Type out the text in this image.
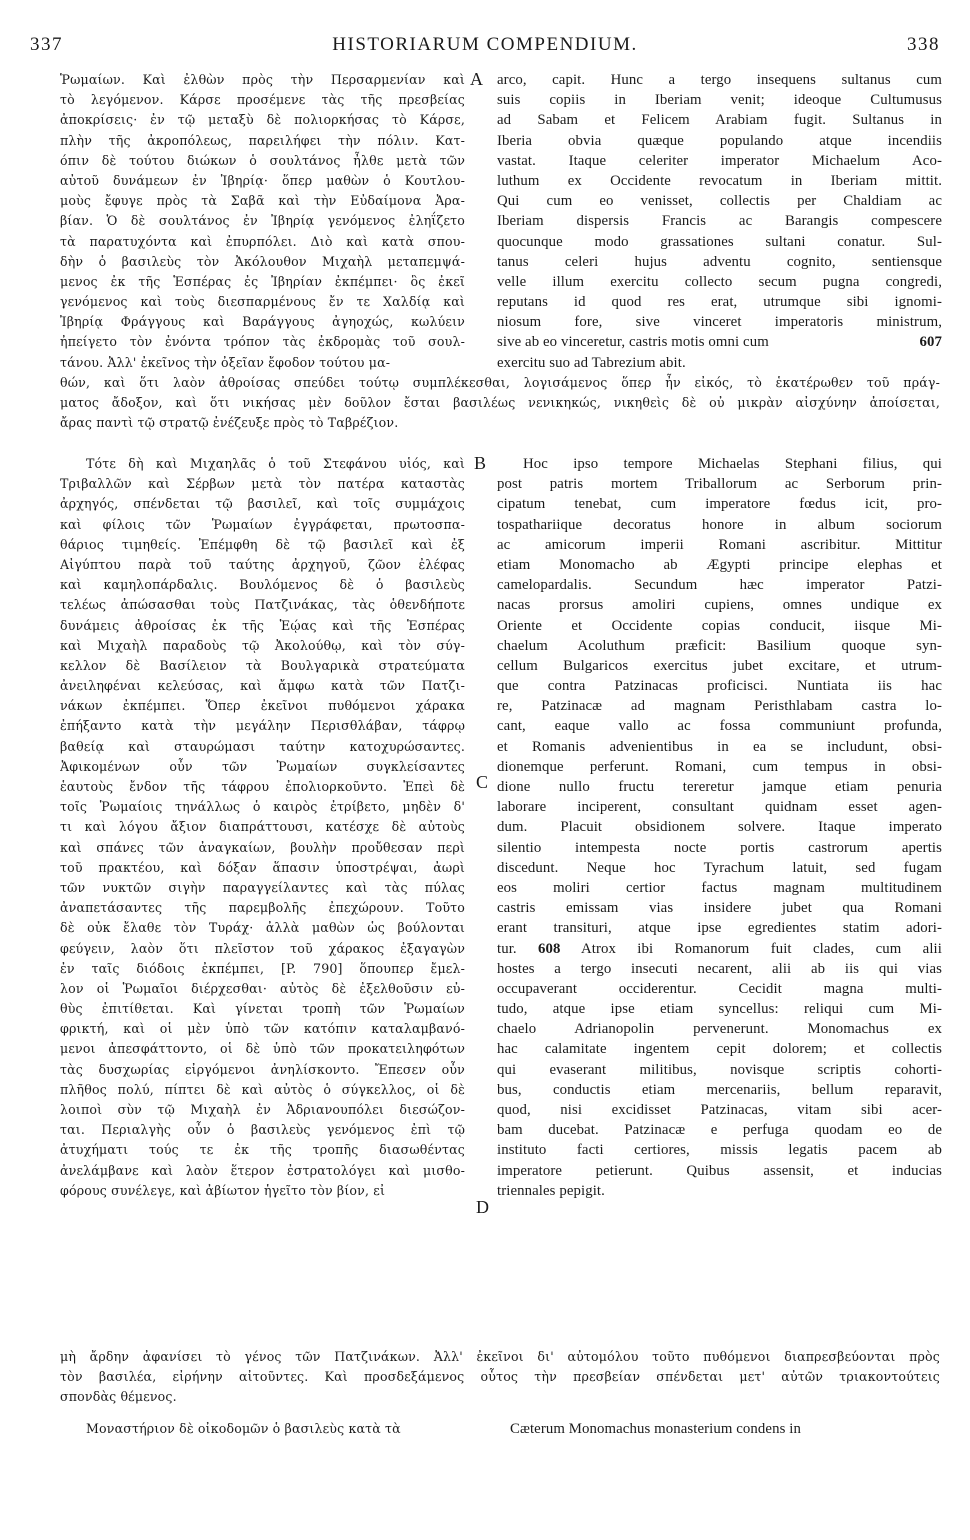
337	HISTORIARUM COMPENDIUM.	338
Ῥωμαίων. Καὶ ἐλθὼν πρὸς τὴν Περσαρμενίαν καὶ
τὸ λεγόμενον. Κάρσε προσέμενε τὰς τῆς πρεσβείας
ἀποκρίσεις· ἐν τῷ μεταξὺ δὲ πολιορκήσας τὸ Κάρσε,
πλὴν τῆς ἀκροπόλεως, παρειλήφει τὴν πόλιν. Κατ-
όπιν δὲ τούτου διώκων ὁ σουλτάνος ἦλθε μετὰ τῶν
αὐτοῦ δυνάμεων ἐν Ἰβηρίᾳ· ὅπερ μαθὼν ὁ Κουτλου-
μοὺς ἔφυγε πρὸς τὰ Σαβᾶ καὶ τὴν Εὐδαίμονα Ἀρα-
βίαν. Ὁ δὲ σουλτάνος ἐν Ἰβηρίᾳ γενόμενος ἐληΐζετο
τὰ παρατυχόντα καὶ ἐπυρπόλει. Διὸ καὶ κατὰ σπου-
δὴν ὁ βασιλεὺς τὸν Ἀκόλουθον Μιχαὴλ μεταπεμψά-
μενος ἐκ τῆς Ἑσπέρας ἐς Ἰβηρίαν ἐκπέμπει· ὃς ἐκεῖ
γενόμενος καὶ τοὺς διεσπαρμένους ἔν τε Χαλδίᾳ καὶ
Ἰβηρίᾳ Φράγγους καὶ Βαράγγους ἀγηοχώς, κωλύειν
ἠπείγετο τὸν ἐνόντα τρόπον τὰς ἐκδρομὰς τοῦ σουλ-
τάνου. Ἀλλ' ἐκεῖνος τὴν ὀξεῖαν ἔφοδον τούτου μα-
A arco, capit. Hunc a tergo insequens sultanus cum
suis copiis in Iberiam venit; ideoque Cultumusus
ad Sabam et Felicem Arabiam fugit. Sultanus in
Iberia obvia quæque populando atque incendiis
vastat. Itaque celeriter imperator Michaelum Aco-
luthum ex Occidente revocatum in Iberiam mittit.
Qui cum eo venisset, collectis per Chaldiam ac
Iberiam dispersis Francis ac Barangis compescere
quocunque modo grassationes sultani conatur. Sul-
tanus celeri hujus adventu cognito, sentiensque
velle illum exercitu collecto secum pugna congredi,
reputans id quod res erat, utrumque sibi ignomi-
niosum fore, sive vinceret imperatoris ministrum,
sive ab eo vinceretur, castris motis omni cum	607
exercitu suo ad Tabrezium abit.
θών, καὶ ὅτι λαὸν ἀθροίσας σπεύδει τούτῳ συμπλέκεσθαι, λογισάμενος ὅπερ ἦν εἰκός, τὸ ἑκατέρωθεν τοῦ πράγ-
ματος ἄδοξον, καὶ ὅτι νικήσας μὲν δοῦλον ἔσται βασιλέως νενικηκώς, νικηθεὶς δὲ οὐ μικρὰν αἰσχύνην ἀποίσεται,
ἄρας παντὶ τῷ στρατῷ ἐνέζευξε πρὸς τὸ Ταβρέζιον.
Τότε δὴ καὶ Μιχαηλᾶς ὁ τοῦ Στεφάνου υἱός, καὶ
Τριβαλλῶν καὶ Σέρβων μετὰ τὸν πατέρα καταστὰς
ἀρχηγός, σπένδεται τῷ βασιλεῖ, καὶ τοῖς συμμάχοις
καὶ φίλοις τῶν Ῥωμαίων ἐγγράφεται, πρωτοσπα-
θάριος τιμηθείς. Ἐπέμφθη δὲ τῷ βασιλεῖ καὶ ἐξ
Αἰγύπτου παρὰ τοῦ ταύτης ἀρχηγοῦ, ζῶον ἐλέφας
καὶ καμηλοπάρδαλις. Βουλόμενος δὲ ὁ βασιλεὺς
τελέως ἀπώσασθαι τοὺς Πατζινάκας, τὰς ὁθενδήποτε
δυνάμεις ἀθροίσας ἐκ τῆς Ἑῴας καὶ τῆς Ἑσπέρας
καὶ Μιχαὴλ παραδοὺς τῷ Ἀκολούθῳ, καὶ τὸν σύγ-
κελλον δὲ Βασίλειον τὰ Βουλγαρικὰ στρατεύματα
ἀνειληφέναι κελεύσας, καὶ ἄμφω κατὰ τῶν Πατζι-
νάκων ἐκπέμπει. Ὅπερ ἐκεῖνοι πυθόμενοι χάρακα
ἐπήξαντο κατὰ τὴν μεγάλην Περισθλάβαν, τάφρῳ
βαθείᾳ καὶ σταυρώμασι ταύτην κατοχυρώσαντες.
Ἀφικομένων οὖν τῶν Ῥωμαίων συγκλείσαντες
ἑαυτοὺς ἔνδον τῆς τάφρου ἐπολιορκοῦντο. Ἐπεὶ δὲ
τοῖς Ῥωμαίοις τηνάλλως ὁ καιρὸς ἐτρίβετο, μηδὲν δ'
τι καὶ λόγου ἄξιον διαπράττουσι, κατέσχε δὲ αὐτοὺς
καὶ σπάνες τῶν ἀναγκαίων, βουλὴν προὔθεσαν περὶ
τοῦ πρακτέου, καὶ δόξαν ἅπασιν ὑποστρέψαι, ἀωρὶ
τῶν νυκτῶν σιγὴν παραγγείλαντες καὶ τὰς πύλας
ἀναπετάσαντες τῆς παρεμβολῆς ἐπεχώρουν. Τοῦτο
δὲ οὐκ ἔλαθε τὸν Τυράχ· ἀλλὰ μαθὼν ὡς βούλονται
φεύγειν, λαὸν ὅτι πλεῖστον τοῦ χάρακος ἐξαγαγὼν
ἐν ταῖς διόδοις ἐκπέμπει, [P. 790] ὅπουπερ ἔμελ-
λον οἱ Ῥωμαῖοι διέρχεσθαι· αὐτὸς δὲ ἐξελθοῦσιν εὐ-
θὺς ἐπιτίθεται. Καὶ γίνεται τροπὴ τῶν Ῥωμαίων
φρικτή, καὶ οἱ μὲν ὑπὸ τῶν κατόπιν καταλαμβανό-
μενοι ἀπεσφάττοντο, οἱ δὲ ὑπὸ τῶν προκατειληφότων
τὰς δυσχωρίας εἰργόμενοι ἀνηλίσκοντο. Ἔπεσεν οὖν
πλῆθος πολύ, πίπτει δὲ καὶ αὐτὸς ὁ σύγκελλος, οἱ δὲ
λοιποὶ σὺν τῷ Μιχαὴλ ἐν Ἀδριανουπόλει διεσώζον-
ται. Περιαλγὴς οὖν ὁ βασιλεὺς γενόμενος ἐπὶ τῷ
ἀτυχήματι τούς τε ἐκ τῆς τροπῆς διασωθέντας
ἀνελάμβανε καὶ λαὸν ἕτερον ἐστρατολόγει καὶ μισθο-
φόρους συνέλεγε, καὶ ἀβίωτον ἡγεῖτο τὸν βίον, εἰ
B
C
D
Hoc ipso tempore Michaelas Stephani filius, qui
post patris mortem Triballorum ac Serborum prin-
cipatum tenebat, cum imperatore fœdus icit, pro-
tospathariique decoratus honore in album sociorum
ac amicorum imperii Romani ascribitur. Mittitur
etiam Monomacho ab Ægypti principe elephas et
camelopardalis. Secundum hæc imperator Patzi-
nacas prorsus amoliri cupiens, omnes undique ex
Oriente et Occidente copias conducit, iisque Mi-
chaelum Acoluthum præficit: Basilium quoque syn-
cellum Bulgaricos exercitus jubet excitare, et utrum-
que contra Patzinacas proficisci. Nuntiata iis hac
re, Patzinacæ ad magnam Peristhlabam castra lo-
cant, eaque vallo ac fossa communiunt profunda,
et Romanis advenientibus in ea se includunt, obsi-
dionemque perferunt. Romani, cum tempus in obsi-
dione nullo fructu tereretur jamque etiam penuria
laborare inciperent, consultant quidnam esset agen-
dum. Placuit obsidionem solvere. Itaque imperato
silentio intempesta nocte portis castrorum apertis
discedunt. Neque hoc Tyrachum latuit, sed fugam
eos moliri certior factus magnam multitudinem
castris emissam vias insidere jubet qua Romani
erant transituri, atque ipse egredientes statim adori-
tur. 608 Atrox ibi Romanorum fuit clades, cum alii
hostes a tergo insecuti necarent, alii ab iis qui vias
occupaverant occiderentur. Cecidit magna multi-
tudo, atque ipse etiam syncellus: reliqui cum Mi-
chaelo Adrianopolin pervenerunt. Monomachus ex
hac calamitate ingentem cepit dolorem; et collectis
qui evaserant militibus, novisque scriptis cohorti-
bus, conductis etiam mercenariis, bellum reparavit,
quod, nisi excidisset Patzinacas, vitam sibi acer-
bam ducebat. Patzinacæ e perfuga quodam eo de
instituto facti certiores, missis legatis pacem ab
imperatore petierunt. Quibus assensit, et inducias
triennales pepigit.
μὴ ἄρδην ἀφανίσει τὸ γένος τῶν Πατζινάκων. Ἀλλ' ἐκεῖνοι δι' αὐτομόλου τοῦτο πυθόμενοι διαπρεσβεύονται πρὸς
τὸν βασιλέα, εἰρήνην αἰτοῦντες. Καὶ προσδεξάμενος οὗτος τὴν πρεσβείαν σπένδεται μετ' αὐτῶν τριακοντούτεις
σπονδὰς θέμενος.
Μοναστήριον δὲ οἰκοδομῶν ὁ βασιλεὺς κατὰ τὰ	Cæterum Monomachus monasterium condens in
